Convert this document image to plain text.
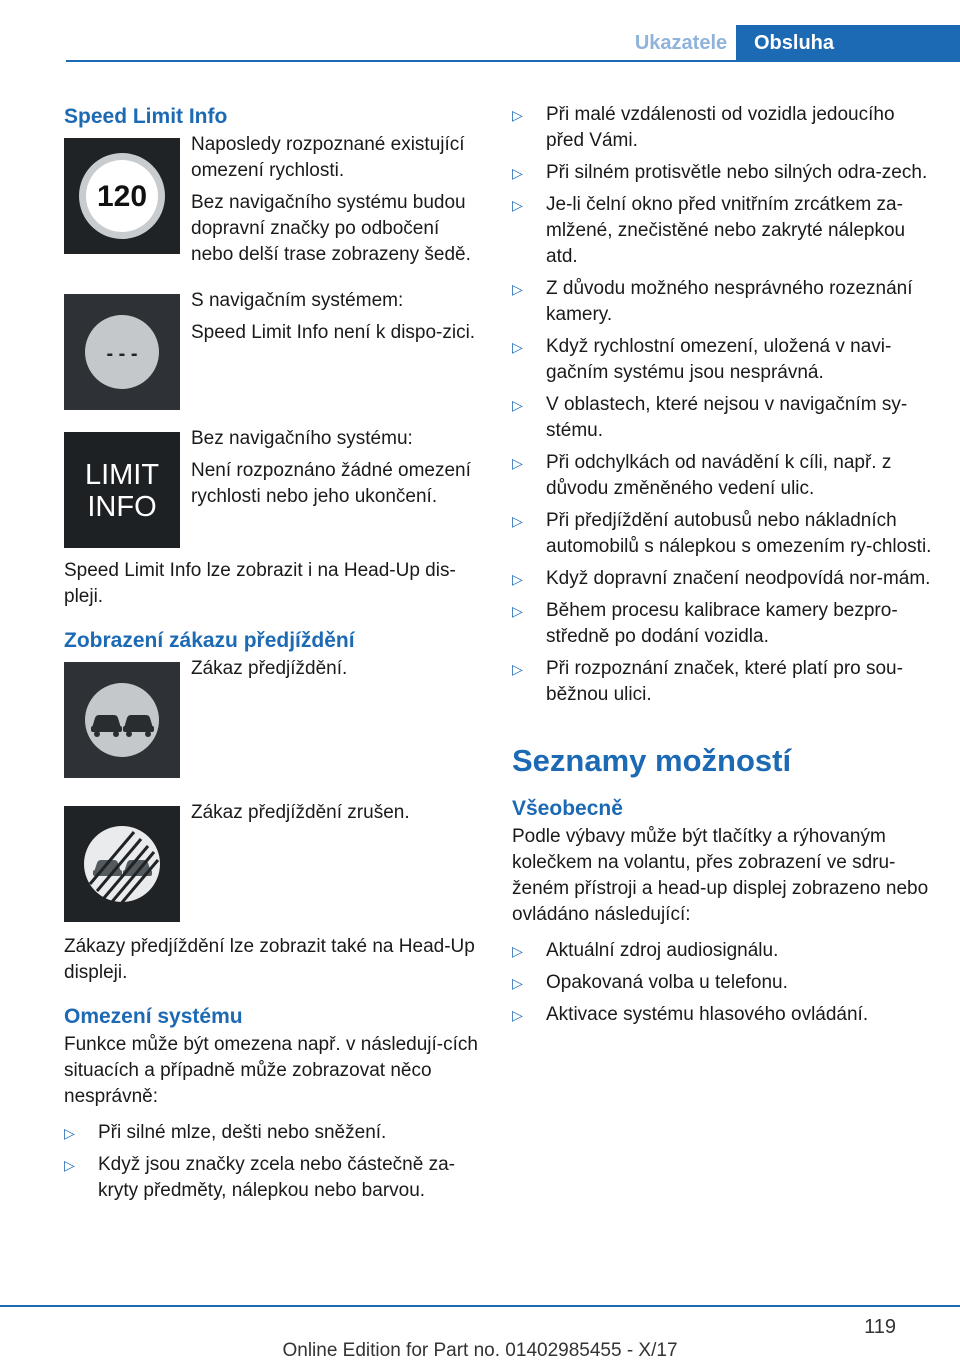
Ukazatele	Obsluha
Speed Limit Info
120

Naposledy rozpoznané existující omezení rychlosti.

Bez navigačního systému budou dopravní značky po odbočení nebo delší trase zobrazeny šedě.

- - -

S navigačním systémem:

Speed Limit Info není k dispo-zici.

LIMIT
INFO

Bez navigačního systému:

Není rozpoznáno žádné omezení rychlosti nebo jeho ukončení.

Speed Limit Info lze zobrazit i na Head-Up dis-pleji.

Zobrazení zákazu předjíždění

Zákaz předjíždění.

Zákaz předjíždění zrušen.

Zákazy předjíždění lze zobrazit také na Head-Up displeji.

Omezení systému

Funkce může být omezena např. v následují-cích situacích a případně může zobrazovat něco nesprávně:

▷ Při silné mlze, dešti nebo sněžení.
▷ Když jsou značky zcela nebo částečně za-kryty předměty, nálepkou nebo barvou.
▷ Při malé vzdálenosti od vozidla jedoucího před Vámi.
▷ Při silném protisvětle nebo silných odra-zech.
▷ Je-li čelní okno před vnitřním zrcátkem za-mlžené, znečistěné nebo zakryté nálepkou atd.
▷ Z důvodu možného nesprávného rozeznání kamery.
▷ Když rychlostní omezení, uložená v navi-gačním systému jsou nesprávná.
▷ V oblastech, které nejsou v navigačním sy-stému.
▷ Při odchylkách od navádění k cíli, např. z důvodu změněného vedení ulic.
▷ Při předjíždění autobusů nebo nákladních automobilů s nálepkou s omezením ry-chlosti.
▷ Když dopravní značení neodpovídá nor-mám.
▷ Během procesu kalibrace kamery bezpro-středně po dodání vozidla.
▷ Při rozpoznání značek, které platí pro sou-běžnou ulici.
Seznamy možností
Všeobecně

Podle výbavy může být tlačítky a rýhovaným kolečkem na volantu, přes zobrazení ve sdru-ženém přístroji a head-up displej zobrazeno nebo ovládáno následující:

▷ Aktuální zdroj audiosignálu.
▷ Opakovaná volba u telefonu.
▷ Aktivace systému hlasového ovládání.
119
Online Edition for Part no. 01402985455 - X/17
